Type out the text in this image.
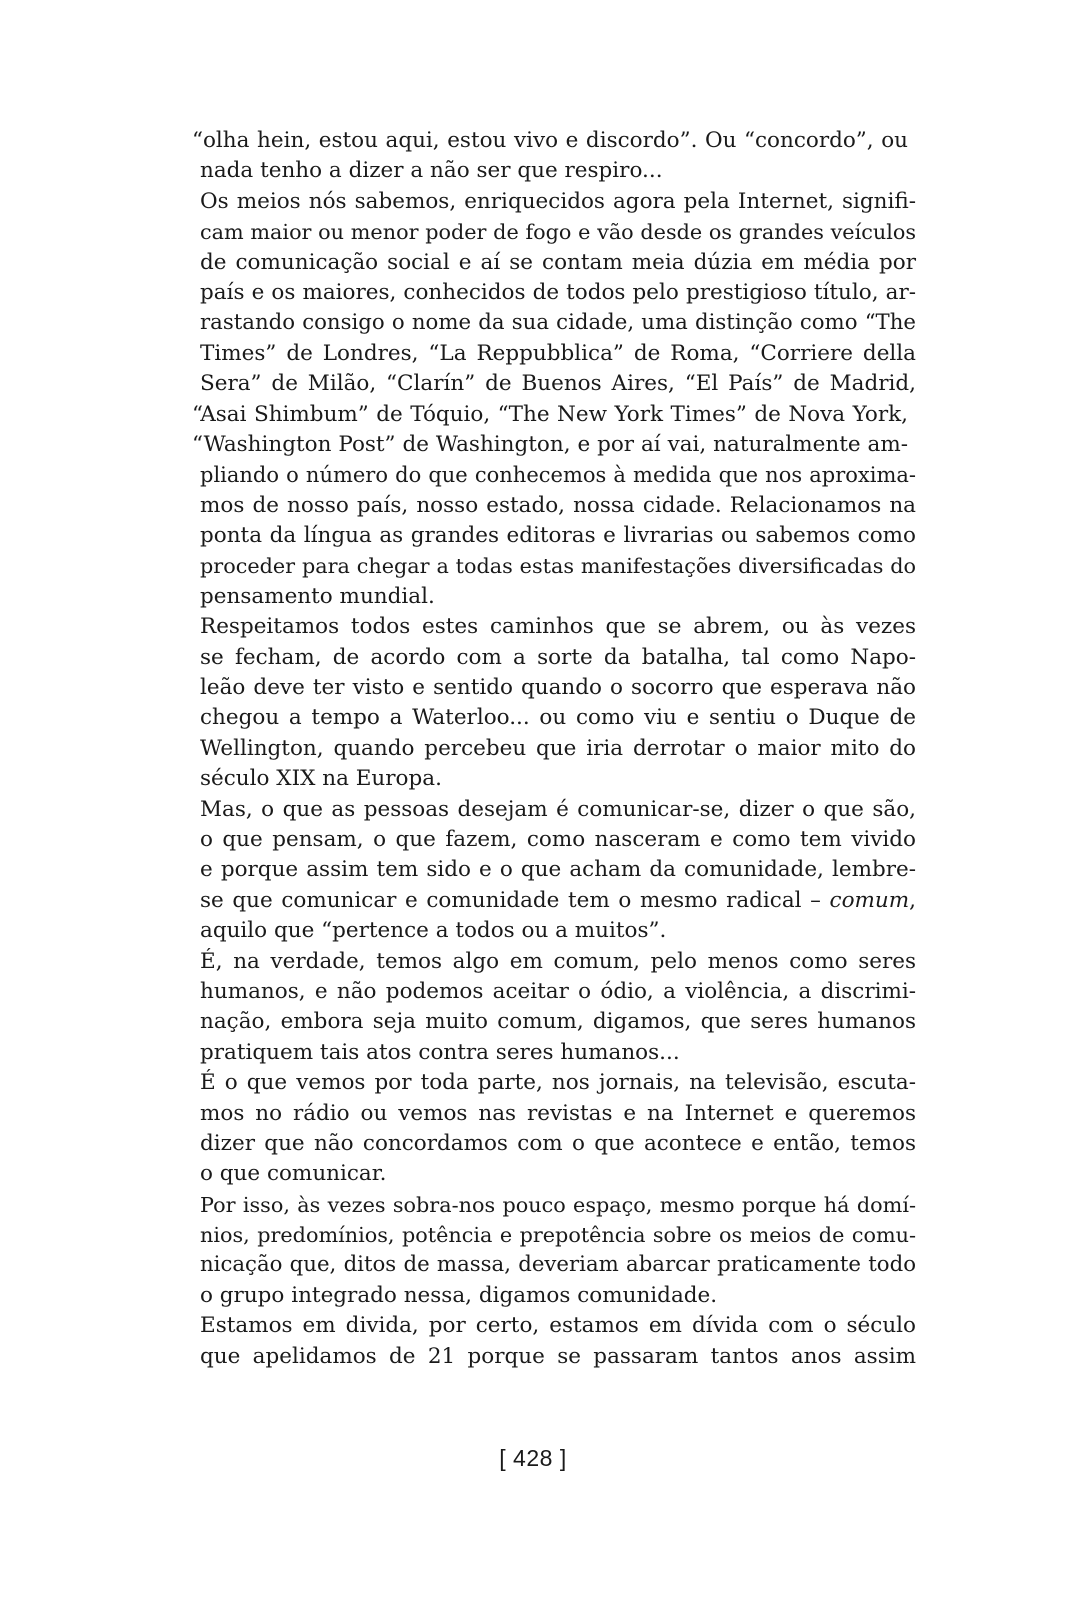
“olha hein, estou aqui, estou vivo e discordo”. Ou “concordo”, ou
nada tenho a dizer a não ser que respiro...
Os meios nós sabemos, enriquecidos agora pela Internet, signifi-
cam maior ou menor poder de fogo e vão desde os grandes veículos
de comunicação social e aí se contam meia dúzia em média por
país e os maiores, conhecidos de todos pelo prestigioso título, ar-
rastando consigo o nome da sua cidade, uma distinção como “The
Times” de Londres, “La Reppubblica” de Roma, “Corriere della
Sera” de Milão, “Clarín” de Buenos Aires, “El País” de Madrid,
“Asai Shimbum” de Tóquio, “The New York Times” de Nova York,
“Washington Post” de Washington, e por aí vai, naturalmente am-
pliando o número do que conhecemos à medida que nos aproxima-
mos de nosso país, nosso estado, nossa cidade. Relacionamos na
ponta da língua as grandes editoras e livrarias ou sabemos como
proceder para chegar a todas estas manifestações diversificadas do
pensamento mundial.
Respeitamos todos estes caminhos que se abrem, ou às vezes
se fecham, de acordo com a sorte da batalha, tal como Napo-
leão deve ter visto e sentido quando o socorro que esperava não
chegou a tempo a Waterloo... ou como viu e sentiu o Duque de
Wellington, quando percebeu que iria derrotar o maior mito do
século XIX na Europa.
Mas, o que as pessoas desejam é comunicar-se, dizer o que são,
o que pensam, o que fazem, como nasceram e como tem vivido
e porque assim tem sido e o que acham da comunidade, lembre-
se que comunicar e comunidade tem o mesmo radical – comum,
aquilo que “pertence a todos ou a muitos”.
É, na verdade, temos algo em comum, pelo menos como seres
humanos, e não podemos aceitar o ódio, a violência, a discrimi-
nação, embora seja muito comum, digamos, que seres humanos
pratiquem tais atos contra seres humanos...
É o que vemos por toda parte, nos jornais, na televisão, escuta-
mos no rádio ou vemos nas revistas e na Internet e queremos
dizer que não concordamos com o que acontece e então, temos
o que comunicar.
Por isso, às vezes sobra-nos pouco espaço, mesmo porque há domí-
nios, predomínios, potência e prepotência sobre os meios de comu-
nicação que, ditos de massa, deveriam abarcar praticamente todo
o grupo integrado nessa, digamos comunidade.
Estamos em divida, por certo, estamos em dívida com o século
que apelidamos de 21 porque se passaram tantos anos assim
[ 428 ]
